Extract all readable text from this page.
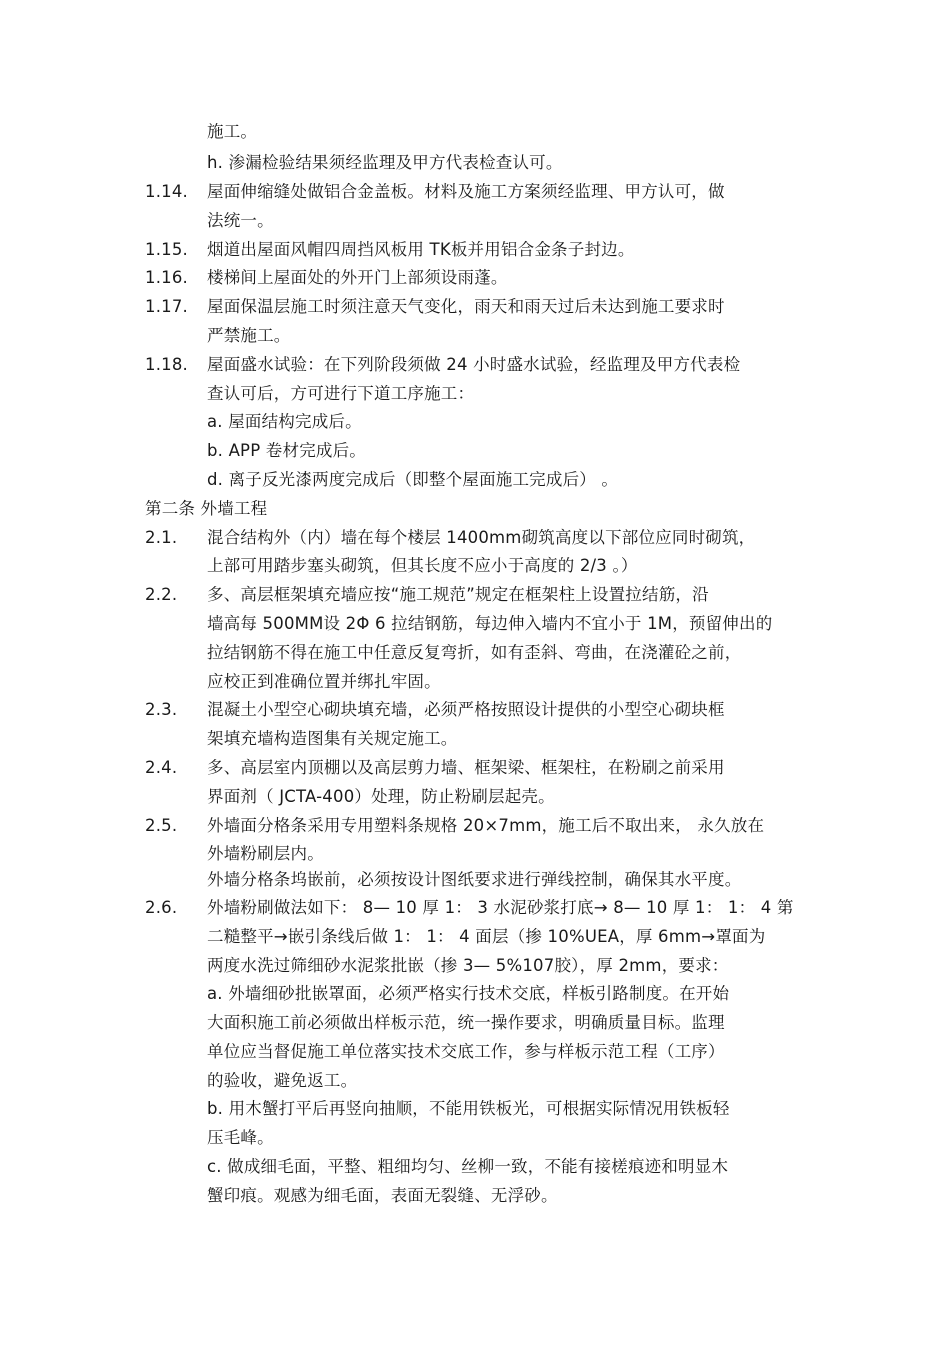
施工。
h. 渗漏检验结果须经监理及甲方代表检查认可。
1.14. 屋面伸缩缝处做铝合金盖板。材料及施工方案须经监理、甲方认可，做
法统一。
1.15. 烟道出屋面风帽四周挡风板用 TK板并用铝合金条子封边。
1.16. 楼梯间上屋面处的外开门上部须设雨蓬。
1.17. 屋面保温层施工时须注意天气变化，雨天和雨天过后未达到施工要求时
严禁施工。
1.18. 屋面盛水试验：在下列阶段须做 24 小时盛水试验，经监理及甲方代表检
查认可后，方可进行下道工序施工：
a. 屋面结构完成后。
b. APP 卷材完成后。
d. 离子反光漆两度完成后（即整个屋面施工完成后） 。
第二条 外墙工程
2.1. 混合结构外（内）墙在每个楼层 1400mm砌筑高度以下部位应同时砌筑，
上部可用踏步塞头砌筑，但其长度不应小于高度的 2/3 。）
2.2. 多、高层框架填充墙应按“施工规范”规定在框架柱上设置拉结筋，沿
墙高每 500MM设 2Φ 6 拉结钢筋，每边伸入墙内不宜小于 1M，预留伸出的
拉结钢筋不得在施工中任意反复弯折，如有歪斜、弯曲，在浇灌砼之前，
应校正到准确位置并绑扎牢固。
2.3. 混凝土小型空心砌块填充墙，必须严格按照设计提供的小型空心砌块框
架填充墙构造图集有关规定施工。
2.4. 多、高层室内顶棚以及高层剪力墙、框架梁、框架柱，在粉刷之前采用
界面剂（ JCTA-400）处理，防止粉刷层起壳。
2.5. 外墙面分格条采用专用塑料条规格 20×7mm，施工后不取出来， 永久放在
外墙粉刷层内。
外墙分格条坞嵌前，必须按设计图纸要求进行弹线控制，确保其水平度。
2.6. 外墙粉刷做法如下： 8— 10 厚 1： 3 水泥砂浆打底→ 8— 10 厚 1： 1： 4 第
二糙整平→嵌引条线后做 1： 1： 4 面层（掺 10%UEA，厚 6mm→罩面为
两度水洗过筛细砂水泥浆批嵌（掺 3— 5%107胶），厚 2mm，要求：
a. 外墙细砂批嵌罩面，必须严格实行技术交底，样板引路制度。在开始
大面积施工前必须做出样板示范，统一操作要求，明确质量目标。监理
单位应当督促施工单位落实技术交底工作，参与样板示范工程（工序）
的验收，避免返工。
b. 用木蟹打平后再竖向抽顺，不能用铁板光，可根据实际情况用铁板轻
压毛峰。
c. 做成细毛面，平整、粗细均匀、丝柳一致，不能有接槎痕迹和明显木
蟹印痕。观感为细毛面，表面无裂缝、无浮砂。
